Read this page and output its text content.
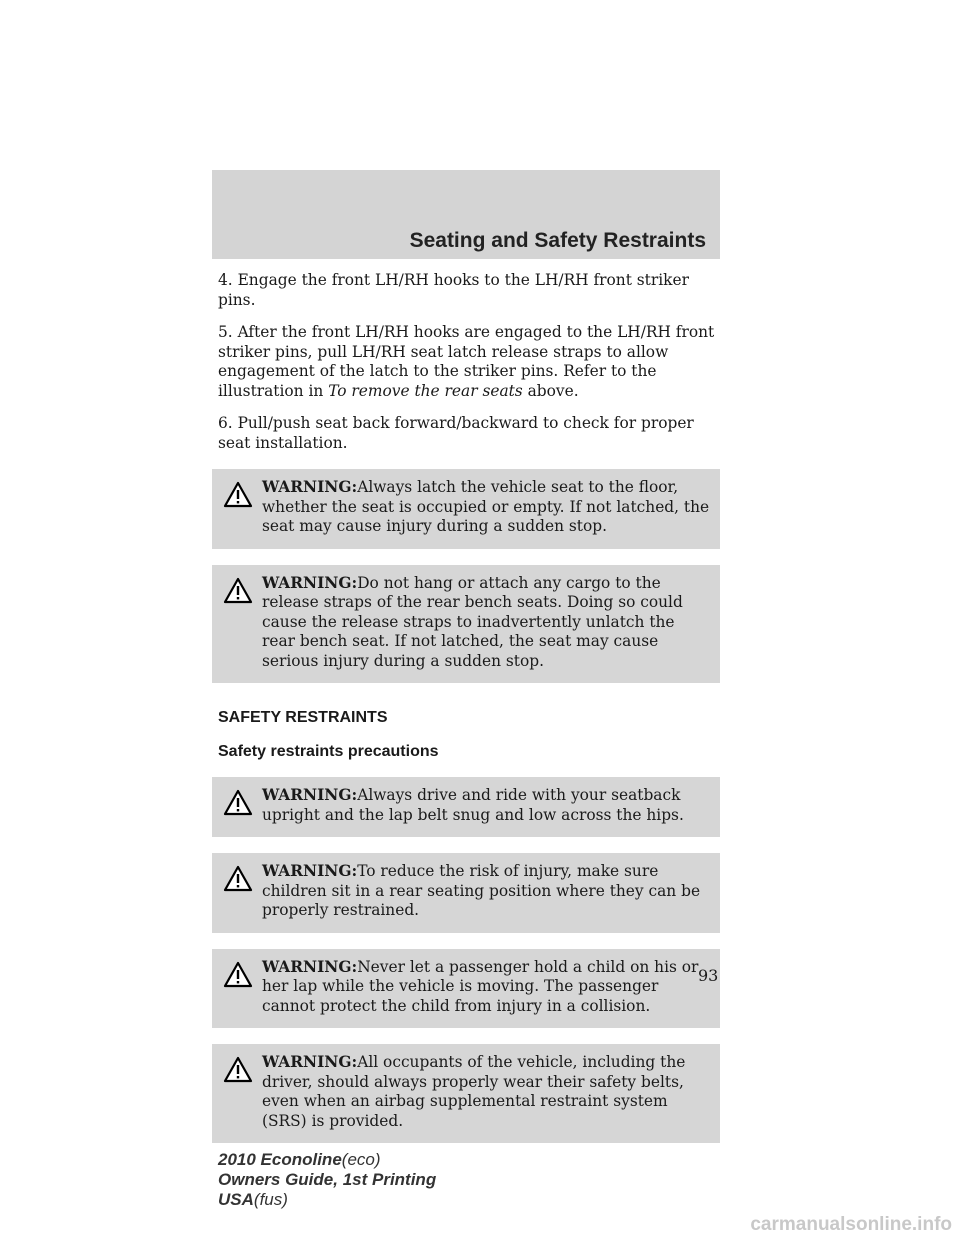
Seating and Safety Restraints

4. Engage the front LH/RH hooks to the LH/RH front striker pins.

5. After the front LH/RH hooks are engaged to the LH/RH front striker pins, pull LH/RH seat latch release straps to allow engagement of the latch to the striker pins. Refer to the illustration in To remove the rear seats above.

6. Pull/push seat back forward/backward to check for proper seat installation.

WARNING:Always latch the vehicle seat to the floor, whether the seat is occupied or empty. If not latched, the seat may cause injury during a sudden stop.
WARNING:Do not hang or attach any cargo to the release straps of the rear bench seats. Doing so could cause the release straps to inadvertently unlatch the rear bench seat. If not latched, the seat may cause serious injury during a sudden stop.
SAFETY RESTRAINTS
Safety restraints precautions
WARNING:Always drive and ride with your seatback upright and the lap belt snug and low across the hips.
WARNING:To reduce the risk of injury, make sure children sit in a rear seating position where they can be properly restrained.
WARNING:Never let a passenger hold a child on his or her lap while the vehicle is moving. The passenger cannot protect the child from injury in a collision.
WARNING:All occupants of the vehicle, including the driver, should always properly wear their safety belts, even when an airbag supplemental restraint system (SRS) is provided.
93
2010 Econoline(eco)
Owners Guide, 1st Printing
USA(fus)
carmanualsonline.info
